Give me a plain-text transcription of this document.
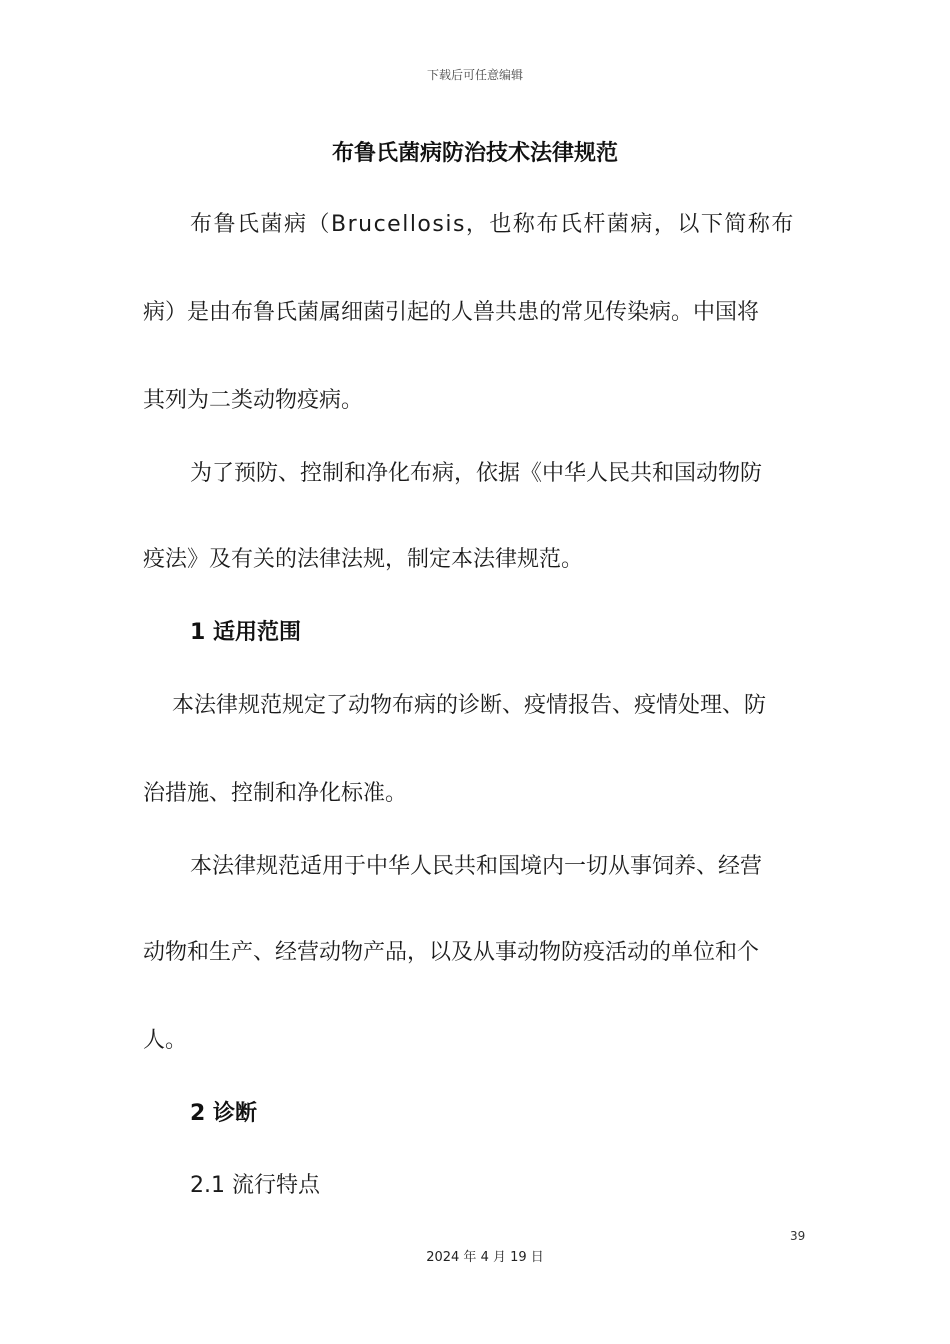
下载后可任意编辑

布鲁氏菌病防治技术法律规范

布鲁氏菌病（Brucellosis，也称布氏杆菌病，以下简称布

病）是由布鲁氏菌属细菌引起的人兽共患的常见传染病。中国将

其列为二类动物疫病。

为了预防、控制和净化布病，依据《中华人民共和国动物防

疫法》及有关的法律法规，制定本法律规范。

1 适用范围

本法律规范规定了动物布病的诊断、疫情报告、疫情处理、防

治措施、控制和净化标准。

本法律规范适用于中华人民共和国境内一切从事饲养、经营

动物和生产、经营动物产品，以及从事动物防疫活动的单位和个

人。

2 诊断
2.1 流行特点

39

2024 年 4 月 19 日
